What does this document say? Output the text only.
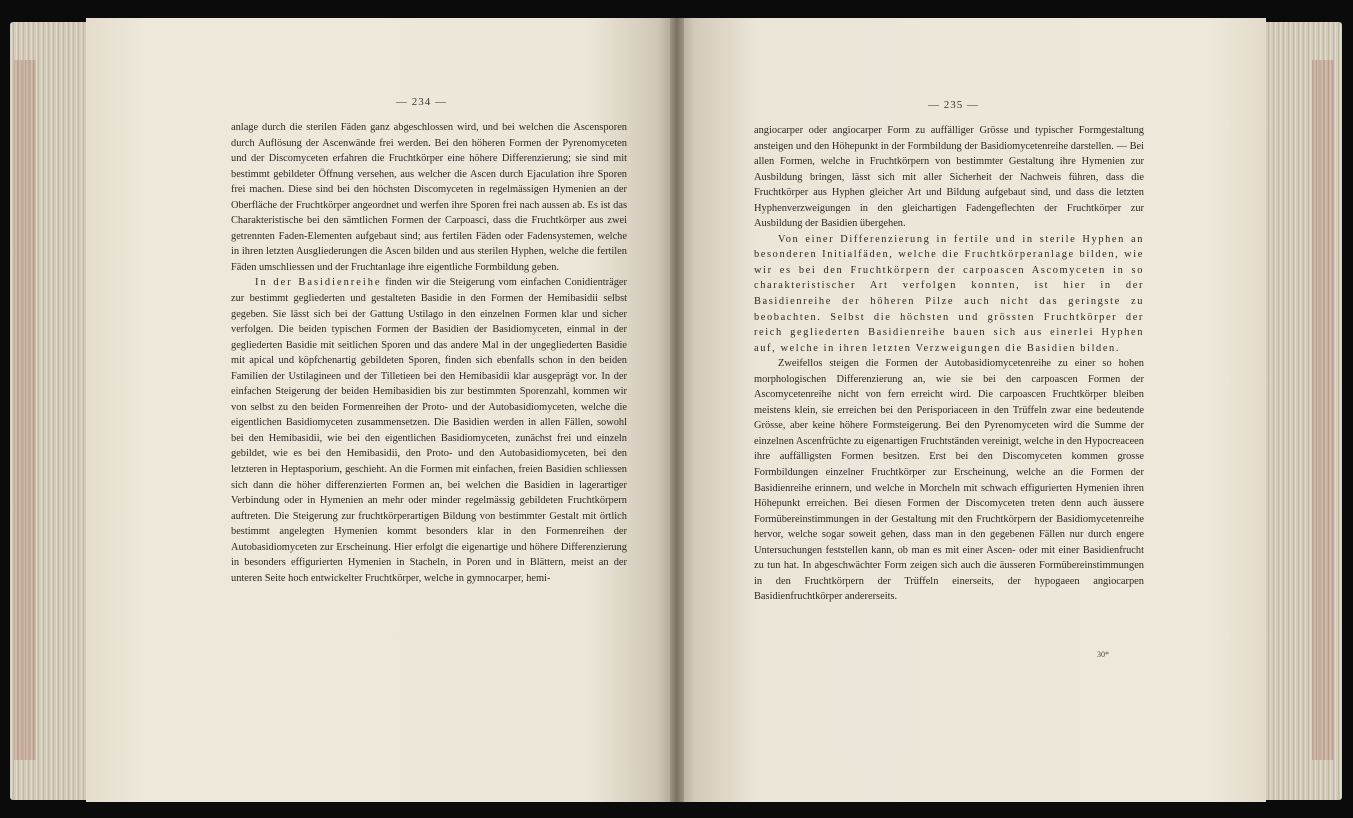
— 234 —

anlage durch die sterilen Fäden ganz abgeschlossen wird, und bei welchen die Ascensporen durch Auflösung der Ascenwände frei werden. Bei den höheren Formen der Pyrenomyceten und der Discomyceten erfahren die Fruchtkörper eine höhere Differenzierung; sie sind mit bestimmt gebildeter Öffnung versehen, aus welcher die Ascen durch Ejaculation ihre Sporen frei machen. Diese sind bei den höchsten Discomyceten in regelmässigen Hymenien an der Oberfläche der Fruchtkörper angeordnet und werfen ihre Sporen frei nach aussen ab. Es ist das Charakteristische bei den sämtlichen Formen der Carpoasci, dass die Fruchtkörper aus zwei getrennten Faden-Elementen aufgebaut sind; aus fertilen Fäden oder Fadensystemen, welche in ihren letzten Ausgliederungen die Ascen bilden und aus sterilen Hyphen, welche die fertilen Fäden umschliessen und der Fruchtanlage ihre eigentliche Formbildung geben.

In der Basidienreihe finden wir die Steigerung vom einfachen Conidienträger zur bestimmt gegliederten und gestalteten Basidie in den Formen der Hemibasidii selbst gegeben. Sie lässt sich bei der Gattung Ustilago in den einzelnen Formen klar und sicher verfolgen. Die beiden typischen Formen der Basidien der Basidiomyceten, einmal in der gegliederten Basidie mit seitlichen Sporen und das andere Mal in der ungegliederten Basidie mit apical und köpfchenartig gebildeten Sporen, finden sich ebenfalls schon in den beiden Familien der Ustilagineen und der Tilletieen bei den Hemibasidii klar ausgeprägt vor. In der einfachen Steigerung der beiden Hemibasidien bis zur bestimmten Sporenzahl, kommen wir von selbst zu den beiden Formenreihen der Proto- und der Autobasidiomyceten, welche die eigentlichen Basidiomyceten zusammensetzen. Die Basidien werden in allen Fällen, sowohl bei den Hemibasidii, wie bei den eigentlichen Basidiomyceten, zunächst frei und einzeln gebildet, wie es bei den Hemibasidii, den Proto- und den Autobasidiomyceten, bei den letzteren in Heptasporium, geschieht. An die Formen mit einfachen, freien Basidien schliessen sich dann die höher differenzierten Formen an, bei welchen die Basidien in lagerartiger Verbindung oder in Hymenien an mehr oder minder regelmässig gebildeten Fruchtkörpern auftreten. Die Steigerung zur fruchtkörperartigen Bildung von bestimmter Gestalt mit örtlich bestimmt angelegten Hymenien kommt besonders klar in den Formenreihen der Autobasidiomyceten zur Erscheinung. Hier erfolgt die eigenartige und höhere Differenzierung in besonders effigurierten Hymenien in Stacheln, in Poren und in Blättern, meist an der unteren Seite hoch entwickelter Fruchtkörper, welche in gymnocarper, hemi-

— 235 —

angiocarper oder angiocarper Form zu auffälliger Grösse und typischer Formgestaltung ansteigen und den Höhepunkt in der Formbildung der Basidiomycetenreihe darstellen. — Bei allen Formen, welche in Fruchtkörpern von bestimmter Gestaltung ihre Hymenien zur Ausbildung bringen, lässt sich mit aller Sicherheit der Nachweis führen, dass die Fruchtkörper aus Hyphen gleicher Art und Bildung aufgebaut sind, und dass die letzten Hyphenverzweigungen in den gleichartigen Fadengeflechten der Fruchtkörper zur Ausbildung der Basidien übergehen.

Von einer Differenzierung in fertile und in sterile Hyphen an besonderen Initialfäden, welche die Fruchtkörperanlage bilden, wie wir es bei den Fruchtkörpern der carpoascen Ascomyceten in so charakteristischer Art verfolgen konnten, ist hier in der Basidienreihe der höheren Pilze auch nicht das geringste zu beobachten. Selbst die höchsten und grössten Fruchtkörper der reich gegliederten Basidienreihe bauen sich aus einerlei Hyphen auf, welche in ihren letzten Verzweigungen die Basidien bilden.

Zweifellos steigen die Formen der Autobasidiomycetenreihe zu einer so hohen morphologischen Differenzierung an, wie sie bei den carpoascen Formen der Ascomycetenreihe nicht von fern erreicht wird. Die carpoascen Fruchtkörper bleiben meistens klein, sie erreichen bei den Perisporiaceen in den Trüffeln zwar eine bedeutende Grösse, aber keine höhere Formsteigerung. Bei den Pyrenomyceten wird die Summe der einzelnen Ascenfrüchte zu eigenartigen Fruchtständen vereinigt, welche in den Hypocreaceen ihre auffälligsten Formen besitzen. Erst bei den Discomyceten kommen grosse Formbildungen einzelner Fruchtkörper zur Erscheinung, welche an die Formen der Basidienreihe erinnern, und welche in Morcheln mit schwach effigurierten Hymenien ihren Höhepunkt erreichen. Bei diesen Formen der Discomyceten treten denn auch äussere Formübereinstimmungen in der Gestaltung mit den Fruchtkörpern der Basidiomycetenreihe hervor, welche sogar soweit gehen, dass man in den gegebenen Fällen nur durch engere Untersuchungen feststellen kann, ob man es mit einer Ascen- oder mit einer Basidienfrucht zu tun hat. In abgeschwächter Form zeigen sich auch die äusseren Formübereinstimmungen in den Fruchtkörpern der Trüffeln einerseits, der hypogaeen angiocarpen Basidienfruchtkörper andererseits.

30*
